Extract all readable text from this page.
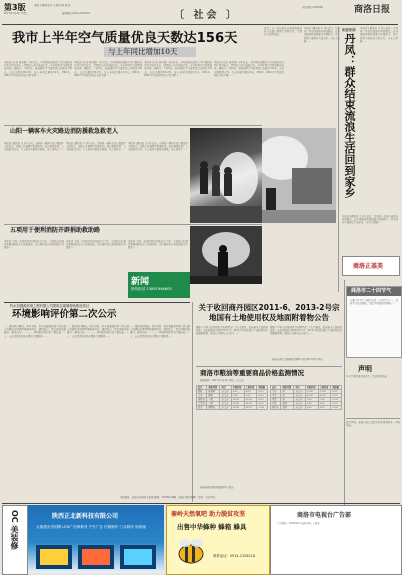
第3版	责编 王明刚 版式 王 颖 校对 刘 艳
2017年7月4日 星期二	新闻热线 0914-2328218	〔 社会 〕
市民热线 2335200	商洛日报
我市上半年空气质量优良天数达156天
与上年同比增加10天
本报讯 (记者 杨兆静) 今年以来，市环保局以推进大气污染防治行动计划为重点，持续加大治污减霾力度，全市环境空气质量稳步改善。据统计，1至6月，商洛城区空气质量优良天数达156天，占总天数的86.2%，与上年同比增加10天。PM10、PM2.5平均浓度同比分别下降……
本报讯 (记者 杨兆静) 今年以来，市环保局以推进大气污染防治行动计划为重点，持续加大治污减霾力度，全市环境空气质量稳步改善。据统计，1至6月，商洛城区空气质量优良天数达156天，占总天数的86.2%，与上年同比增加10天。PM10、PM2.5平均浓度同比分别下降……
本报讯 (记者 杨兆静) 今年以来，市环保局以推进大气污染防治行动计划为重点，持续加大治污减霾力度，全市环境空气质量稳步改善。据统计，1至6月，商洛城区空气质量优良天数达156天，占总天数的86.2%，与上年同比增加10天。PM10、PM2.5平均浓度同比分别下降……
本报讯 (记者 杨兆静) 今年以来，市环保局以推进大气污染防治行动计划为重点，持续加大治污减霾力度，全市环境空气质量稳步改善。据统计，1至6月，商洛城区空气质量优良天数达156天，占总天数的86.2%，与上年同比增加10天。PM10、PM2.5平均浓度同比分别下降……
近日，有一名长期在外流浪的群众在有关部门帮助下返回家乡，受到家人热情欢迎。
本报讯 (通讯员 王 伟) 近日，丹凤县一名在外流浪多年的群众，在当地政府和民政部门的帮助下，终于回到了阔别已久的家乡，与家人团聚……
山阳一辆客车火灾路边消防援救急救老人
本报讯 (通讯员 王 伟) 日前，山阳县一辆客车在行驶途中突然起火，消防大队接警后迅速出动，经过紧张扑救，大火被成功扑灭，车上乘客全部安全疏散，无人员伤亡……
本报讯 (通讯员 王 伟) 日前，山阳县一辆客车在行驶途中突然起火，消防大队接警后迅速出动，经过紧张扑救，大火被成功扑灭，车上乘客全部安全疏散，无人员伤亡……
本报讯 (通讯员 王 伟) 日前，山阳县一辆客车在行驶途中突然起火，消防大队接警后迅速出动，经过紧张扑救，大火被成功扑灭，车上乘客全部安全疏散，无人员伤亡……
五项用于便利消防开辟捐助救助路
本报讯 为进一步做好夏季消防安全工作，市消防支队组织开展消防安全大检查活动，深入辖区重点单位排查火灾隐患……
本报讯 为进一步做好夏季消防安全工作，市消防支队组织开展消防安全大检查活动，深入辖区重点单位排查火灾隐患……
本报讯 为进一步做好夏季消防安全工作，市消防支队组织开展消防安全大检查活动，深入辖区重点单位排查火灾隐患……
新闻
热线电话 13891946605
和谐家园
丹凤：群众结束流浪生活回到家乡
本报讯 (通讯员 王 伟) 近日，丹凤县一名在外流浪多年的群众，在当地政府和民政部门的帮助下，终于回到了阔别已久的家乡，与家人团聚……
本报讯 (通讯员 王 伟) 近日，丹凤县一名在外流浪多年的群众，在当地政府和民政部门的帮助下，终于回到了阔别已久的家乡，与家人团聚……
商洛正基美
柞水县掘源环境工程有限公司建筑垃圾填埋场建设项目
环境影响评价第二次公示
一、建设项目概况。项目名称：柞水县掘源环境工程有限公司建筑垃圾填埋场建设项目；建设地点：柞水县乾佑街道办；建设内容：……二、环境影响评价的主要结论……三、公众意见征求的范围和主要事项……
一、建设项目概况。项目名称：柞水县掘源环境工程有限公司建筑垃圾填埋场建设项目；建设地点：柞水县乾佑街道办；建设内容：……二、环境影响评价的主要结论……三、公众意见征求的范围和主要事项……
一、建设项目概况。项目名称：柞水县掘源环境工程有限公司建筑垃圾填埋场建设项目；建设地点：柞水县乾佑街道办；建设内容：……二、环境影响评价的主要结论……三、公众意见征求的范围和主要事项……
关于收回商丹园区2011-6、2013-2号宗地国有土地使用权及地面附着物公告
根据《中华人民共和国土地管理法》等有关规定，经商洛市人民政府批准，决定收回商丹园区2011-6、2013-2号宗地国有土地使用权及地面附着物，现将有关事项公告如下……
根据《中华人民共和国土地管理法》等有关规定，经商洛市人民政府批准，决定收回商丹园区2011-6、2013-2号宗地国有土地使用权及地面附着物，现将有关事项公告如下……
商洛市国土资源局商丹园区分局 2017年7月3日
商洛市粮油等重要商品价格监测情况
监测时间：2017年7月3日 单位：元/公斤
品名	规格等级	单位	本期价格	上期价格	涨跌幅
面粉	标准粉	元/公斤	4.00	4.00	0.00
大米	粳米	元/公斤	5.60	5.60	0.00
菜籽油	一级	元/公斤	22.00	22.00	0.00
大豆油	一级	元/公斤	14.00	14.00	0.00
猪肉	精瘦肉	元/公斤	26.00	26.50	-1.89
品名	规格等级	单位	本期价格	上期价格	涨跌幅
牛肉	鲜	元/公斤	70.00	70.00	0.00
羊肉	鲜	元/公斤	64.00	64.00	0.00
鸡蛋	鲜	元/公斤	7.00	7.20	-2.78
白菜	新鲜	元/公斤	2.00	2.00	0.00
西红柿	新鲜	元/公斤	4.00	4.40	-9.09
商洛市物价局价格监测中心发布
商洛市二十四节气
小暑 7月7日 小暑是农历二十四节气之一，此时天气已经很热，但还不到最热的时候……
声明
本人不慎将身份证丢失，特此声明作废。
遗失声明：商洛市某公司遗失营业执照副本，声明作废。
本报地址：商洛市商州区北新街 邮编：726000 印刷：商洛日报社印刷厂 定价：每月30元
OC 美装修	陕西正北新科技有限公司
大街超光学招牌 LED广告牌系列 户外广告 灯箱制作 门头制作 形象墙
秦岭天然氧吧 助力脱贫攻坚
出售中华蜂种 蜂箱 蜂具
联系电话：0914-2328218
商洛市电视台广告部
广告热线：2336666 欢迎各界人士垂询
